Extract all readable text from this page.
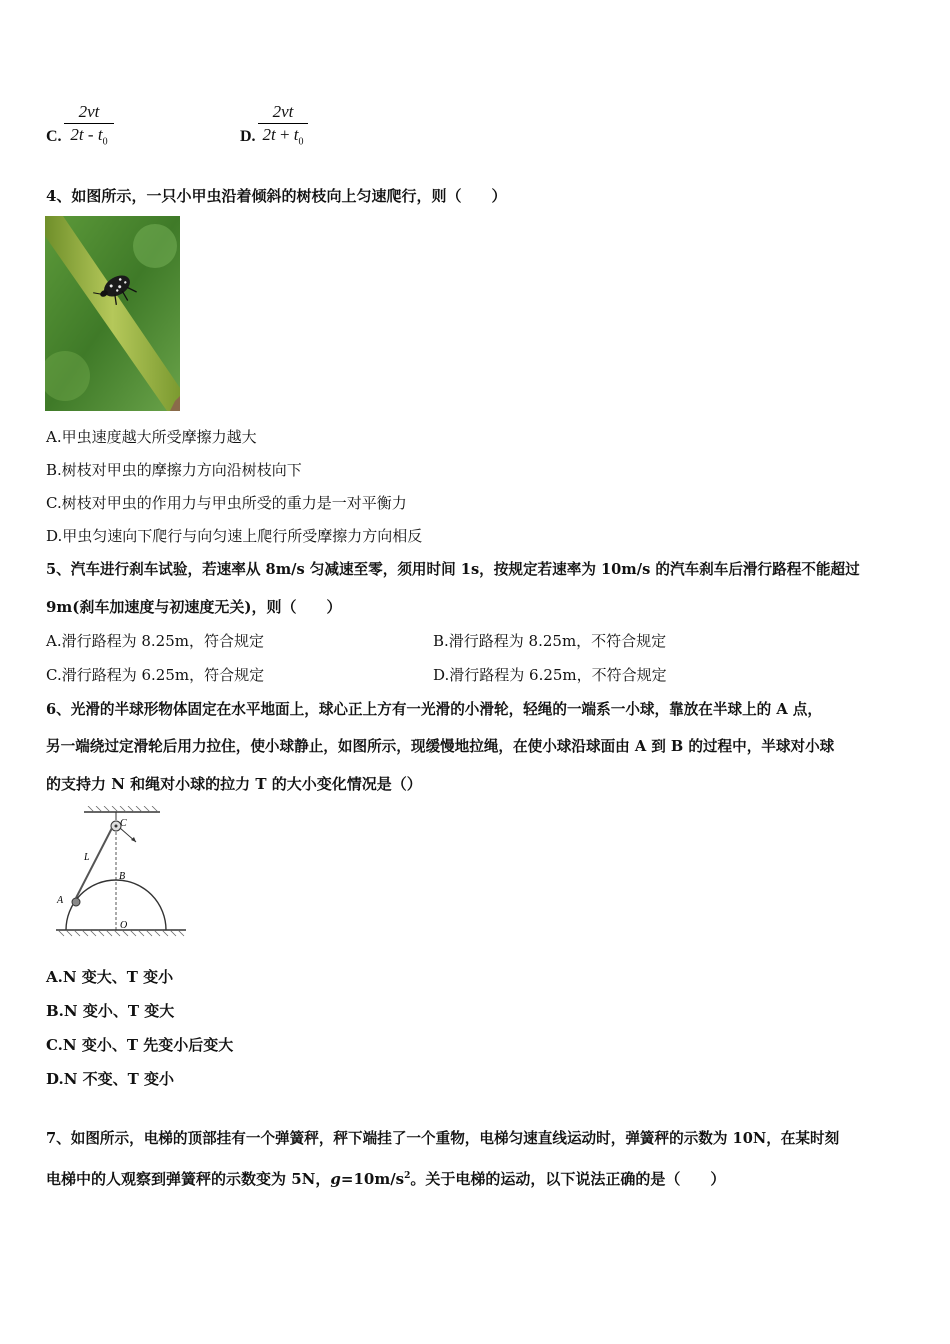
C.
2vt
$2t - t_0$	D.
2vt
$2t + t_0$
4、如图所示，一只小甲虫沿着倾斜的树枝向上匀速爬行，则（　　）
A.甲虫速度越大所受摩擦力越大
B.树枝对甲虫的摩擦力方向沿树枝向下
C.树枝对甲虫的作用力与甲虫所受的重力是一对平衡力
D.甲虫匀速向下爬行与向匀速上爬行所受摩擦力方向相反
5、汽车进行刹车试验，若速率从 8m/s 匀减速至零，须用时间 1s，按规定若速率为 10m/s 的汽车刹车后滑行路程不能超过
9m(刹车加速度与初速度无关)，则（　　）
A.滑行路程为 8.25m，符合规定	B.滑行路程为 8.25m，不符合规定
C.滑行路程为 6.25m，符合规定	D.滑行路程为 6.25m，不符合规定
6、光滑的半球形物体固定在水平地面上，球心正上方有一光滑的小滑轮，轻绳的一端系一小球，靠放在半球上的 A 点，
另一端绕过定滑轮后用力拉住，使小球静止，如图所示，现缓慢地拉绳，在使小球沿球面由 A 到 B 的过程中，半球对小球
的支持力 N 和绳对小球的拉力 T 的大小变化情况是（）
C
L
B
A
O
A.N 变大、T 变小
B.N 变小、T 变大
C.N 变小、T 先变小后变大
D.N 不变、T 变小
7、如图所示，电梯的顶部挂有一个弹簧秤，秤下端挂了一个重物，电梯匀速直线运动时，弹簧秤的示数为 10N，在某时刻
电梯中的人观察到弹簧秤的示数变为 5N，$g=10m/s^2$。关于电梯的运动，以下说法正确的是（　　）
